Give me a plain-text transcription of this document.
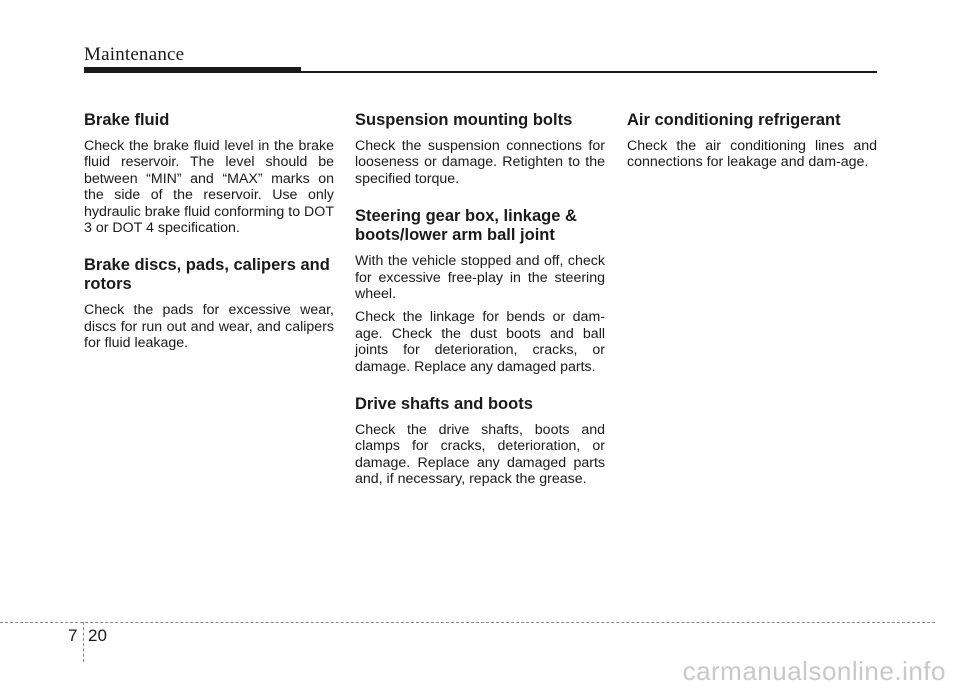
Maintenance
Brake fluid

Check the brake fluid level in the brake fluid reservoir. The level should be between “MIN” and “MAX” marks on the side of the reservoir. Use only hydraulic brake fluid conforming to DOT 3 or DOT 4 specification.

Brake discs, pads, calipers and rotors

Check the pads for excessive wear, discs for run out and wear, and calipers for fluid leakage.

Suspension mounting bolts

Check the suspension connections for looseness or damage. Retighten to the specified torque.

Steering gear box, linkage & boots/lower arm ball joint

With the vehicle stopped and off, check for excessive free-play in the steering wheel.

Check the linkage for bends or dam-age. Check the dust boots and ball joints for deterioration, cracks, or damage. Replace any damaged parts.

Drive shafts and boots

Check the drive shafts, boots and clamps for cracks, deterioration, or damage. Replace any damaged parts and, if necessary, repack the grease.

Air conditioning refrigerant

Check the air conditioning lines and connections for leakage and dam-age.

7 20
carmanualsonline.info
